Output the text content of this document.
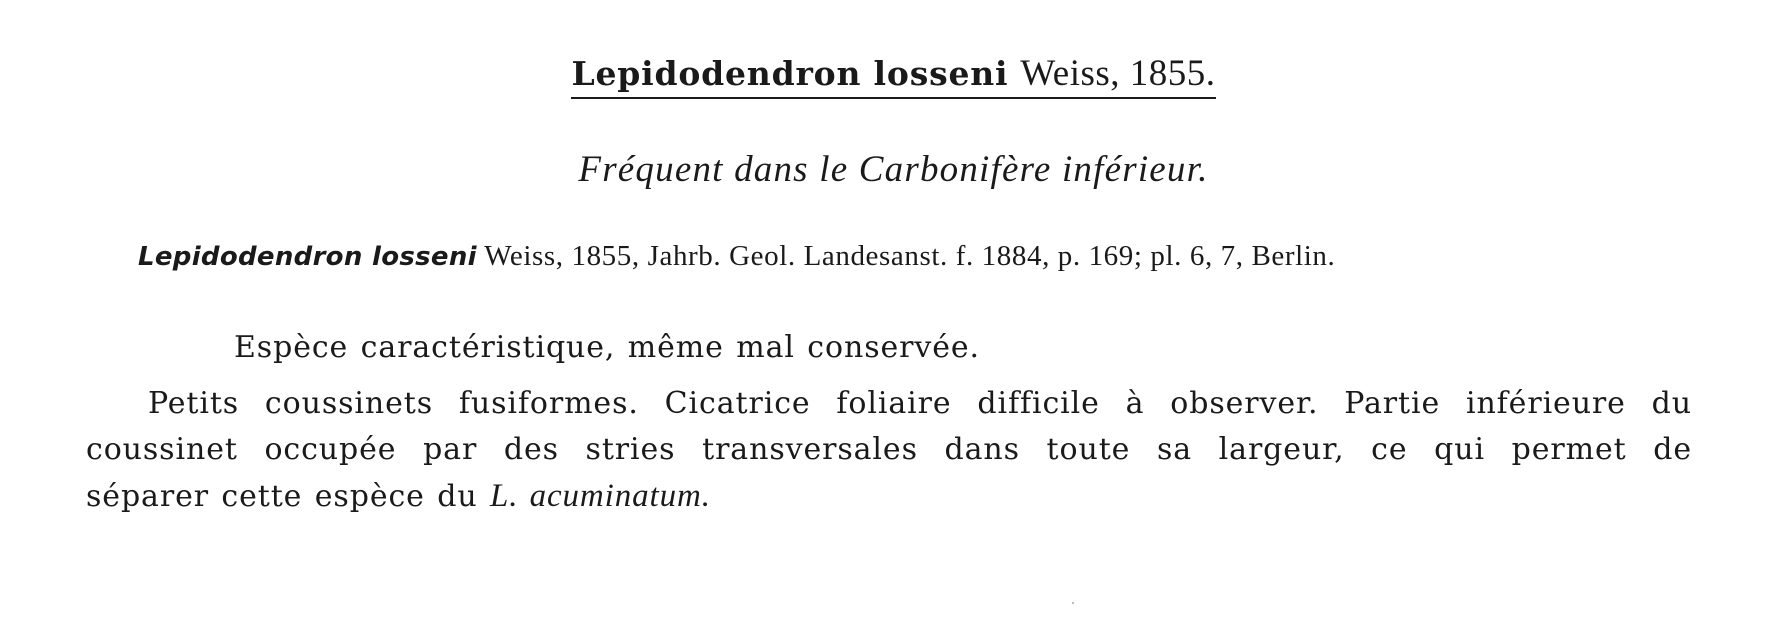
Lepidodendron losseni Weiss, 1855.
Fréquent dans le Carbonifère inférieur.
Lepidodendron losseni Weiss, 1855, Jahrb. Geol. Landesanst. f. 1884, p. 169; pl. 6, 7, Berlin.
Espèce caractéristique, même mal conservée.
Petits coussinets fusiformes. Cicatrice foliaire difficile à observer. Partie inférieure du
coussinet occupée par des stries transversales dans toute sa largeur, ce qui permet de
séparer cette espèce du L. acuminatum.
